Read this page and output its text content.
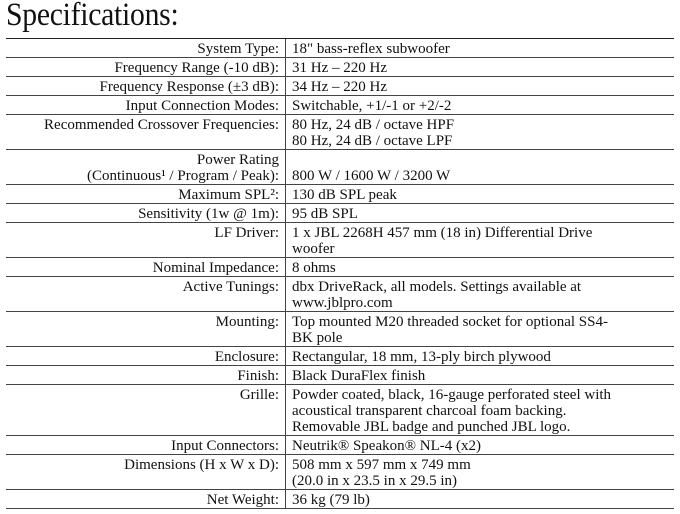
Specifications:
System Type: 18" bass-reflex subwoofer
Frequency Range (-10 dB): 31 Hz – 220 Hz
Frequency Response (±3 dB): 34 Hz – 220 Hz
Input Connection Modes: Switchable, +1/-1 or +2/-2
Recommended Crossover Frequencies: 80 Hz, 24 dB / octave HPF
80 Hz, 24 dB / octave LPF
Power Rating
(Continuous¹ / Program / Peak):
800 W / 1600 W / 3200 W
Maximum SPL²: 130 dB SPL peak
Sensitivity (1w @ 1m): 95 dB SPL
LF Driver: 1 x JBL 2268H 457 mm (18 in) Differential Drive
woofer
Nominal Impedance: 8 ohms
Active Tunings: dbx DriveRack, all models. Settings available at
www.jblpro.com
Mounting: Top mounted M20 threaded socket for optional SS4-
BK pole
Enclosure: Rectangular, 18 mm, 13-ply birch plywood
Finish: Black DuraFlex finish
Grille: Powder coated, black, 16-gauge perforated steel with
acoustical transparent charcoal foam backing.
Removable JBL badge and punched JBL logo.
Input Connectors: Neutrik® Speakon® NL-4 (x2)
Dimensions (H x W x D): 508 mm x 597 mm x 749 mm
(20.0 in x 23.5 in x 29.5 in)
Net Weight: 36 kg (79 lb)
